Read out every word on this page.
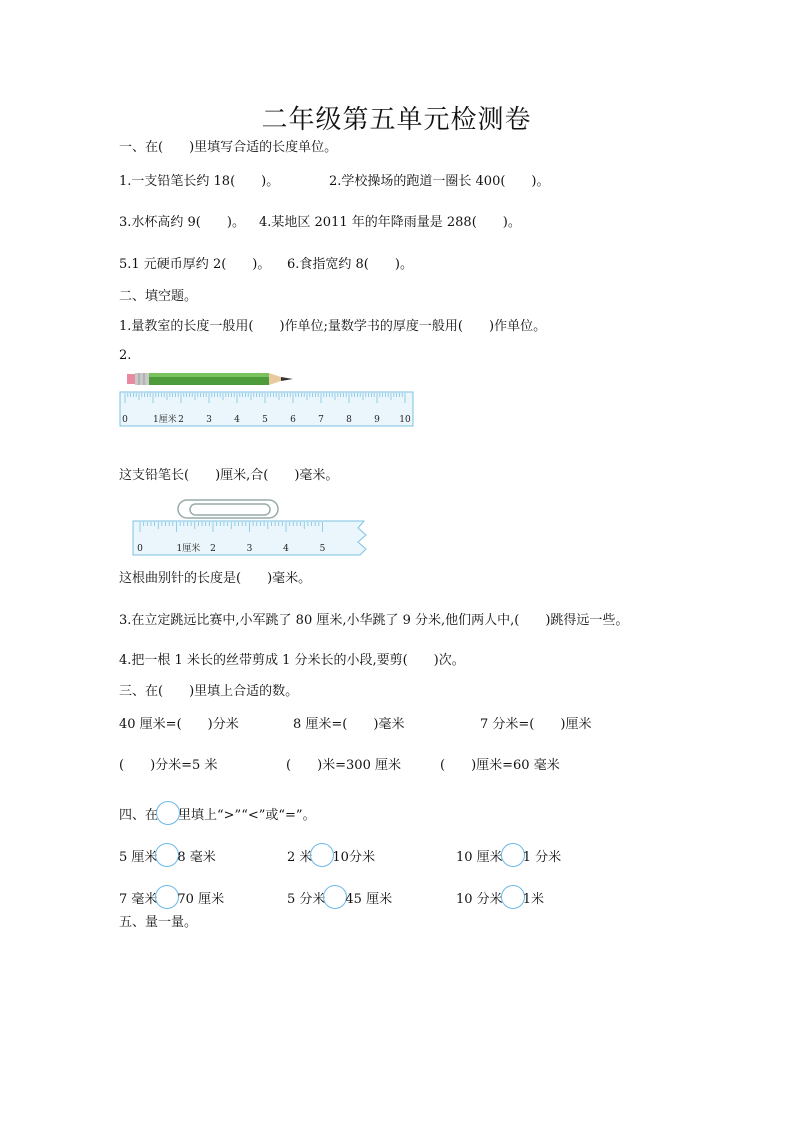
二年级第五单元检测卷
一、在(　　)里填写合适的长度单位。
1.一支铅笔长约 18(　　)。	2.学校操场的跑道一圈长 400(　　)。
3.水杯高约 9(　　)。 4.某地区 2011 年的年降雨量是 288(　　)。
5.1 元硬币厚约 2(　　)。 6.食指宽约 8(　　)。
二、填空题。
1.量教室的长度一般用(　　)作单位;量数学书的厚度一般用(　　)作单位。
2.
0	1厘米 2 3 4 5 6 7 8 9 10
这支铅笔长(　　)厘米,合(　　)毫米。
0	1厘米 2	3	4	5
这根曲别针的长度是(　　)毫米。
3.在立定跳远比赛中,小军跳了 80 厘米,小华跳了 9 分米,他们两人中,(　　)跳得远一些。
4.把一根 1 米长的丝带剪成 1 分米长的小段,要剪(　　)次。
三、在(　　)里填上合适的数。
40 厘米=(　　)分米	8 厘米=(　　)毫米	7 分米=(　　)厘米
(　　)分米=5 米	(　　)米=300 厘米	(　　)厘米=60 毫米
四、在 里填上“>”“<”或“=”。
5 厘米 8 毫米	2 米 10分米	10 厘米 1 分米
7 毫米 70 厘米	5 分米 45 厘米	10 分米 1米
五、量一量。
